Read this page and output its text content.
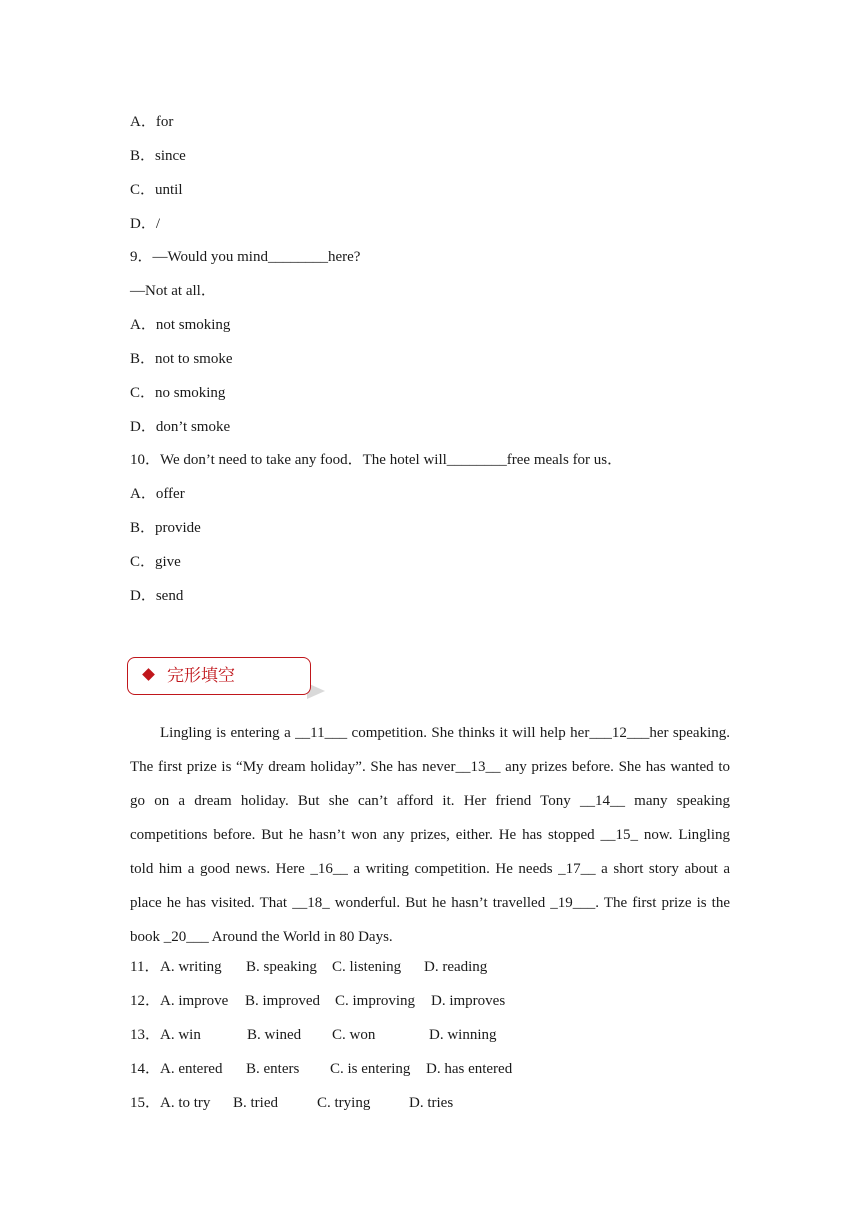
A．for
B．since
C．until
D．/
9．—Would you mind________here?
—Not at all．
A．not smoking
B．not to smoke
C．no smoking
D．don’t smoke
10．We don’t need to take any food．The hotel will________free meals for us．
A．offer
B．provide
C．give
D．send
完形填空
Lingling is entering a __11___ competition. She thinks it will help her___12___her speaking.
The first prize is “My dream holiday”. She has never__13__ any prizes before. She has wanted to
go on a dream holiday. But she can’t afford it. Her friend Tony __14__ many speaking
competitions before. But he hasn’t won any prizes, either. He has stopped __15_ now. Lingling
told him a good news. Here _16__ a writing competition. He needs _17__ a short story about a
place he has visited. That __18_ wonderful. But he hasn’t travelled _19___. The first prize is the
book _20___ Around the World in 80 Days.
11． A. writing B. speaking C. listening D. reading
12． A. improve B. improved C. improving D. improves
13． A. win	B. wined C. won	D. winning
14． A. entered B. enters C. is entering D. has entered
15． A. to try B. tried	C. trying	D. tries
